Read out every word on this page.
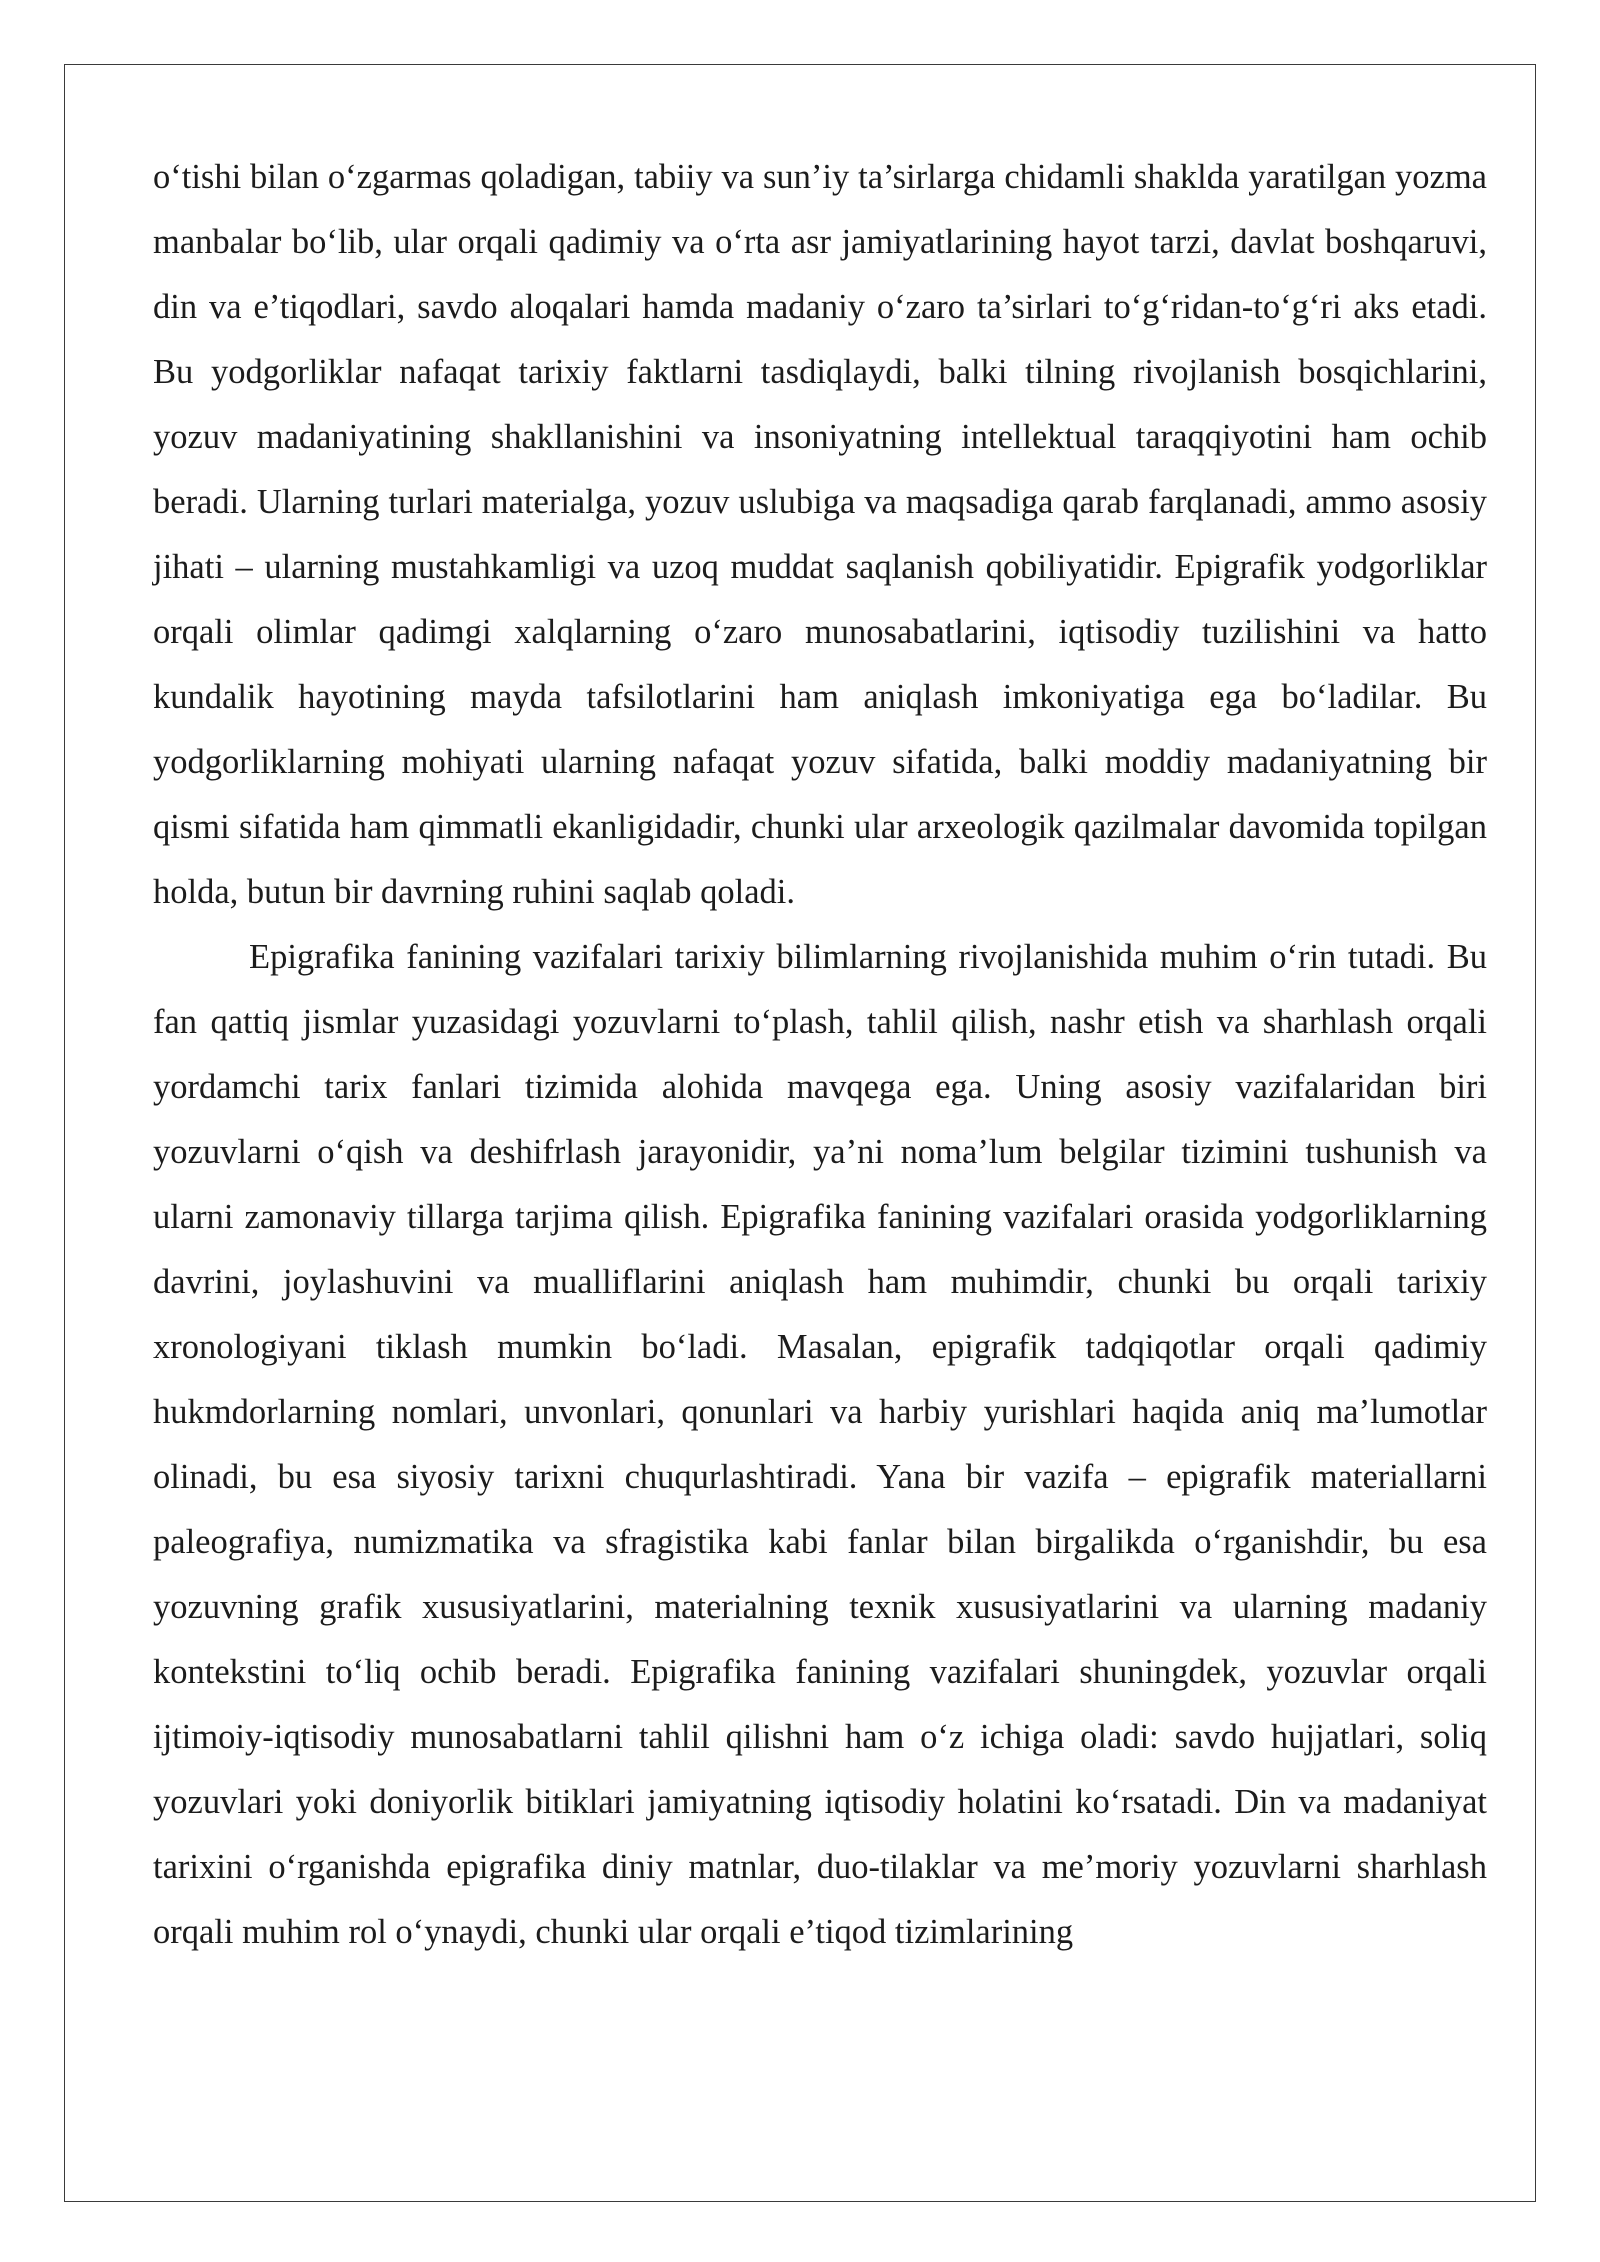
o‘tishi bilan o‘zgarmas qoladigan, tabiiy va sun’iy ta’sirlarga chidamli shaklda yaratilgan yozma manbalar bo‘lib, ular orqali qadimiy va o‘rta asr jamiyatlarining hayot tarzi, davlat boshqaruvi, din va e’tiqodlari, savdo aloqalari hamda madaniy o‘zaro ta’sirlari to‘g‘ridan-to‘g‘ri aks etadi. Bu yodgorliklar nafaqat tarixiy faktlarni tasdiqlaydi, balki tilning rivojlanish bosqichlarini, yozuv madaniyatining shakllanishini va insoniyatning intellektual taraqqiyotini ham ochib beradi. Ularning turlari materialga, yozuv uslubiga va maqsadiga qarab farqlanadi, ammo asosiy jihati – ularning mustahkamligi va uzoq muddat saqlanish qobiliyatidir. Epigrafik yodgorliklar orqali olimlar qadimgi xalqlarning o‘zaro munosabatlarini, iqtisodiy tuzilishini va hatto kundalik hayotining mayda tafsilotlarini ham aniqlash imkoniyatiga ega bo‘ladilar. Bu yodgorliklarning mohiyati ularning nafaqat yozuv sifatida, balki moddiy madaniyatning bir qismi sifatida ham qimmatli ekanligidadir, chunki ular arxeologik qazilmalar davomida topilgan holda, butun bir davrning ruhini saqlab qoladi.

Epigrafika fanining vazifalari tarixiy bilimlarning rivojlanishida muhim o‘rin tutadi. Bu fan qattiq jismlar yuzasidagi yozuvlarni to‘plash, tahlil qilish, nashr etish va sharhlash orqali yordamchi tarix fanlari tizimida alohida mavqega ega. Uning asosiy vazifalaridan biri yozuvlarni o‘qish va deshifrlash jarayonidir, ya’ni noma’lum belgilar tizimini tushunish va ularni zamonaviy tillarga tarjima qilish. Epigrafika fanining vazifalari orasida yodgorliklarning davrini, joylashuvini va mualliflarini aniqlash ham muhimdir, chunki bu orqali tarixiy xronologiyani tiklash mumkin bo‘ladi. Masalan, epigrafik tadqiqotlar orqali qadimiy hukmdorlarning nomlari, unvonlari, qonunlari va harbiy yurishlari haqida aniq ma’lumotlar olinadi, bu esa siyosiy tarixni chuqurlashtiradi. Yana bir vazifa – epigrafik materiallarni paleografiya, numizmatika va sfragistika kabi fanlar bilan birgalikda o‘rganishdir, bu esa yozuvning grafik xususiyatlarini, materialning texnik xususiyatlarini va ularning madaniy kontekstini to‘liq ochib beradi. Epigrafika fanining vazifalari shuningdek, yozuvlar orqali ijtimoiy-iqtisodiy munosabatlarni tahlil qilishni ham o‘z ichiga oladi: savdo hujjatlari, soliq yozuvlari yoki doniyorlik bitiklari jamiyatning iqtisodiy holatini ko‘rsatadi. Din va madaniyat tarixini o‘rganishda epigrafika diniy matnlar, duo-tilaklar va me’moriy yozuvlarni sharhlash orqali muhim rol o‘ynaydi, chunki ular orqali e’tiqod tizimlarining
